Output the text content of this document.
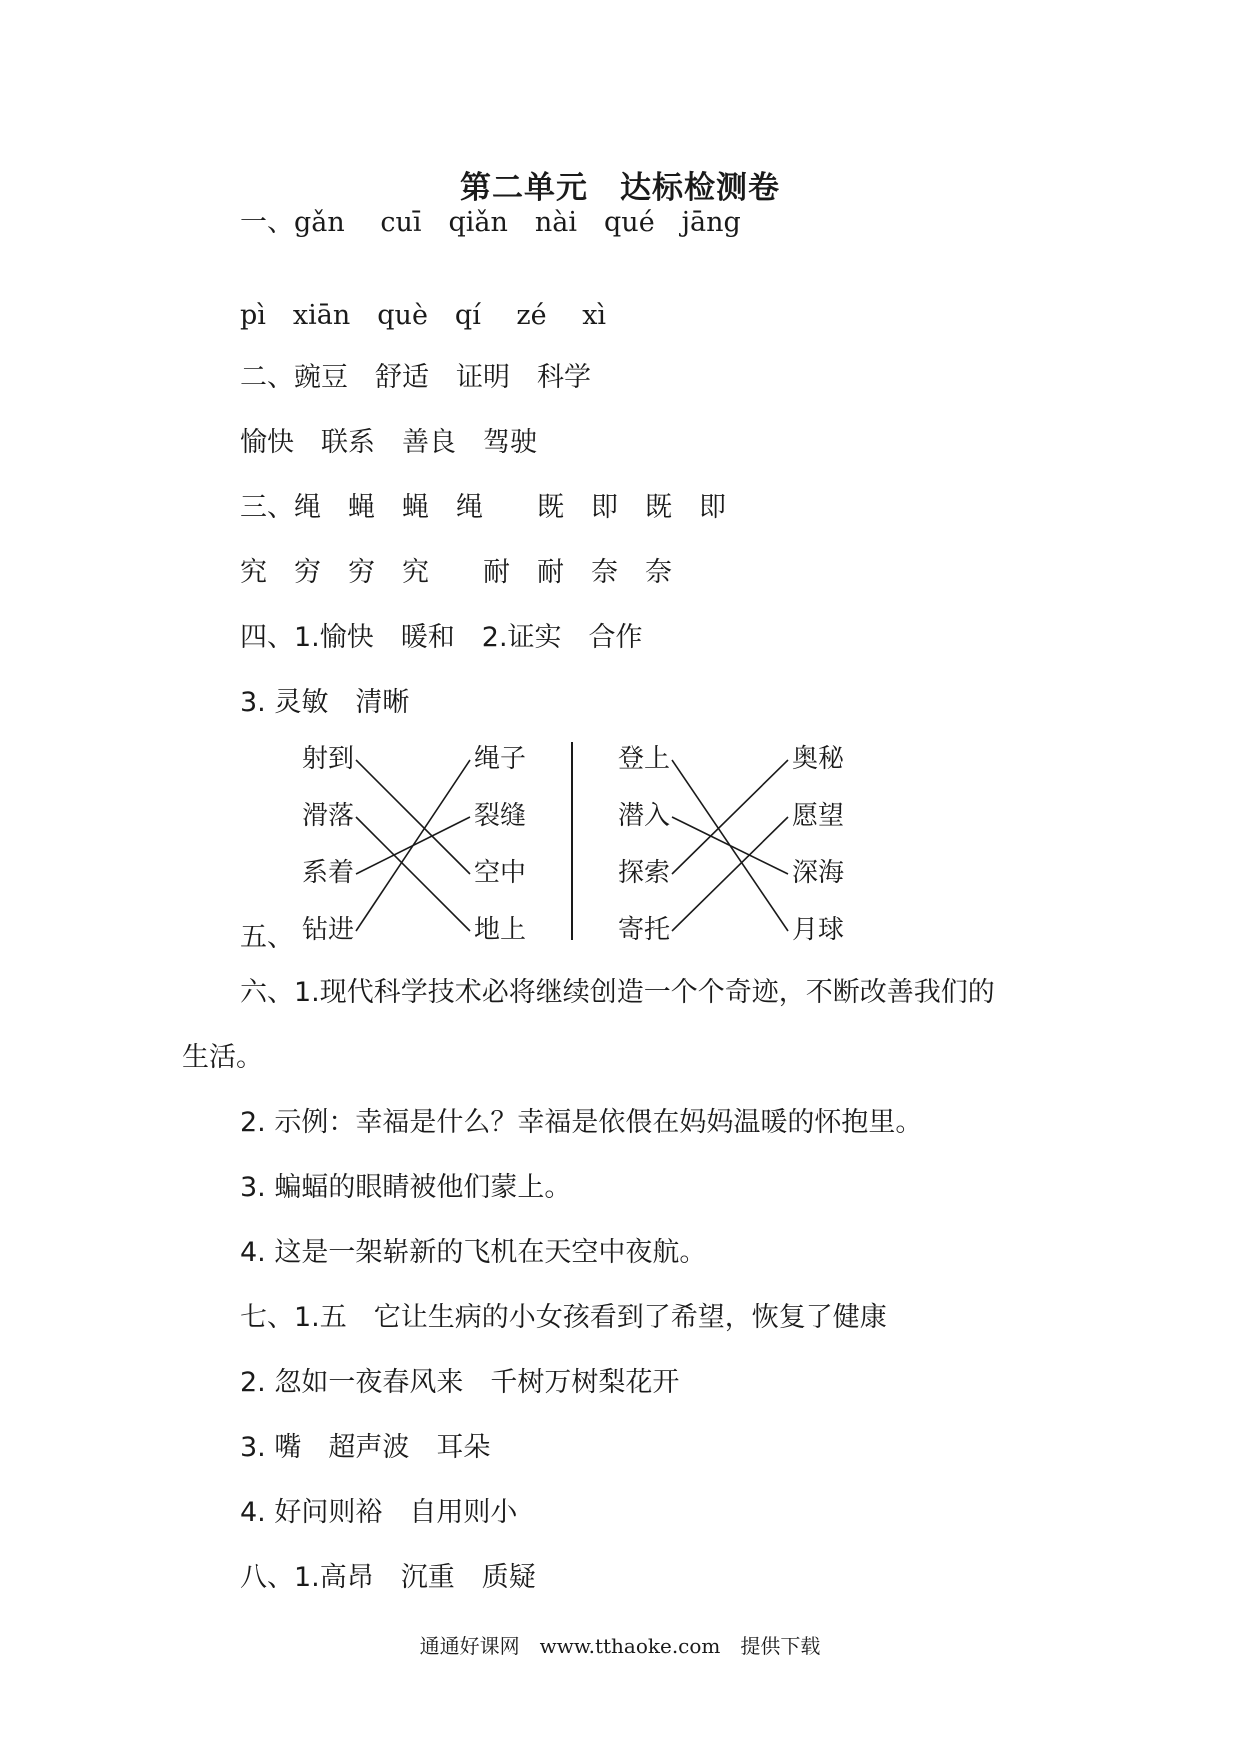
第二单元　达标检测卷
一、gǎn　 cuī　qiǎn　nài　qué　jāng
pì　xiān　què　qí　 zé　 xì
二、豌豆　舒适　证明　科学
愉快　联系　善良　驾驶
三、绳　蝇　蝇　绳　　既　即　既　即
究　穷　穷　究　　耐　耐　奈　奈
四、1.愉快　暖和　2.证实　合作
3. 灵敏　清晰
射到
滑落
系着
钻进
绳子
裂缝
空中
地上
登上
潜入
探索
寄托
奥秘
愿望
深海
月球
五、
六、1.现代科学技术必将继续创造一个个奇迹，不断改善我们的
生活。
2. 示例：幸福是什么？幸福是依偎在妈妈温暖的怀抱里。
3. 蝙蝠的眼睛被他们蒙上。
4. 这是一架崭新的飞机在天空中夜航。
七、1.五　它让生病的小女孩看到了希望，恢复了健康
2. 忽如一夜春风来　千树万树梨花开
3. 嘴　超声波　耳朵
4. 好问则裕　自用则小
八、1.高昂　沉重　质疑
通通好课网　www.tthaoke.com　提供下载
